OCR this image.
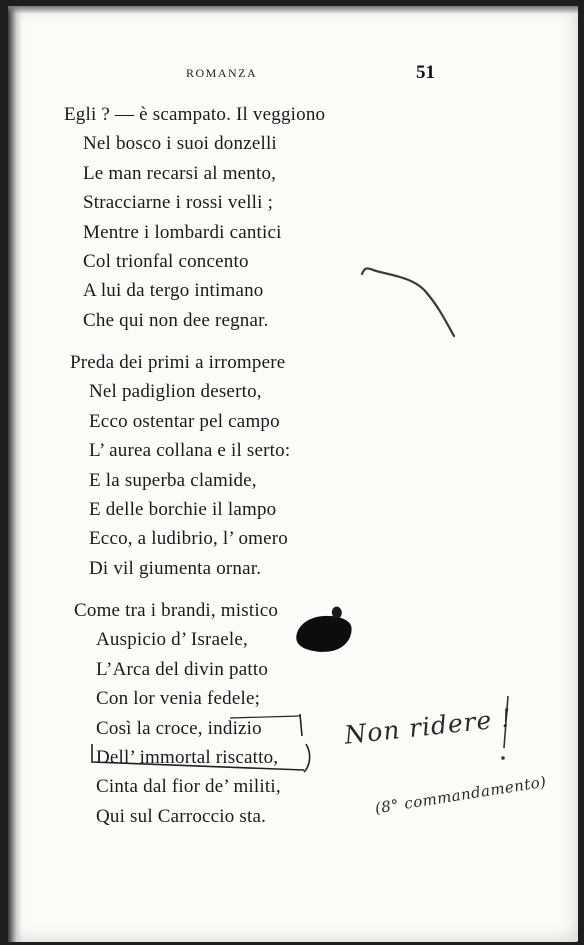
ROMANZA	51
Egli ? — è scampato. Il veggiono
Nel bosco i suoi donzelli
Le man recarsi al mento,
Stracciarne i rossi velli ;
Mentre i lombardi cantici
Col trionfal concento
A lui da tergo intimano
Che qui non dee regnar.
Preda dei primi a irrompere
Nel padiglion deserto,
Ecco ostentar pel campo
L’ aurea collana e il serto:
E la superba clamide,
E delle borchie il lampo
Ecco, a ludibrio, l’ omero
Di vil giumenta ornar.
Come tra i brandi, mistico
Auspicio d’ Israele,
L’Arca del divin patto
Con lor venia fedele;
Così la croce, indizio
Dell’ immortal riscatto,
Cinta dal fior de’ militi,
Qui sul Carroccio sta.
Non ridere !
(8° commandamento)
